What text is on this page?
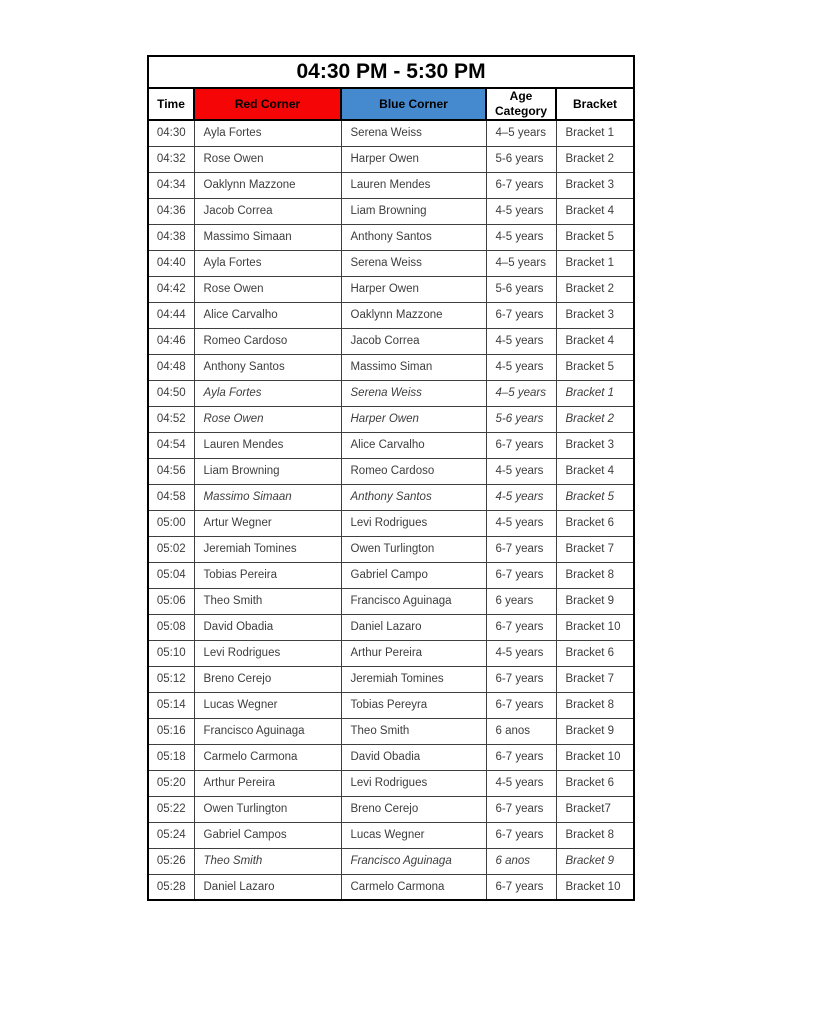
04:30 PM - 5:30 PM				
Time	Red Corner	Blue Corner	Age Category	Bracket
04:30	Ayla Fortes	Serena Weiss	4–5 years	Bracket 1
04:32	Rose Owen	Harper Owen	5-6 years	Bracket 2
04:34	Oaklynn Mazzone	Lauren Mendes	6-7 years	Bracket 3
04:36	Jacob Correa	Liam Browning	4-5 years	Bracket 4
04:38	Massimo Simaan	Anthony Santos	4-5 years	Bracket 5
04:40	Ayla Fortes	Serena Weiss	4–5 years	Bracket 1
04:42	Rose Owen	Harper Owen	5-6 years	Bracket 2
04:44	Alice Carvalho	Oaklynn Mazzone	6-7 years	Bracket 3
04:46	Romeo Cardoso	Jacob Correa	4-5 years	Bracket 4
04:48	Anthony Santos	Massimo Siman	4-5 years	Bracket 5
04:50	Ayla Fortes	Serena Weiss	4–5 years	Bracket 1
04:52	Rose Owen	Harper Owen	5-6 years	Bracket 2
04:54	Lauren Mendes	Alice Carvalho	6-7 years	Bracket 3
04:56	Liam Browning	Romeo Cardoso	4-5 years	Bracket 4
04:58	Massimo Simaan	Anthony Santos	4-5 years	Bracket 5
05:00	Artur Wegner	Levi Rodrigues	4-5 years	Bracket 6
05:02	Jeremiah Tomines	Owen Turlington	6-7 years	Bracket 7
05:04	Tobias Pereira	Gabriel Campo	6-7 years	Bracket 8
05:06	Theo Smith	Francisco Aguinaga	6 years	Bracket 9
05:08	David Obadia	Daniel Lazaro	6-7 years	Bracket 10
05:10	Levi Rodrigues	Arthur Pereira	4-5 years	Bracket 6
05:12	Breno Cerejo	Jeremiah Tomines	6-7 years	Bracket 7
05:14	Lucas Wegner	Tobias Pereyra	6-7 years	Bracket 8
05:16	Francisco Aguinaga	Theo Smith	6 anos	Bracket 9
05:18	Carmelo Carmona	David Obadia	6-7 years	Bracket 10
05:20	Arthur Pereira	Levi Rodrigues	4-5 years	Bracket 6
05:22	Owen Turlington	Breno Cerejo	6-7 years	Bracket7
05:24	Gabriel Campos	Lucas Wegner	6-7 years	Bracket 8
05:26	Theo Smith	Francisco Aguinaga	6 anos	Bracket 9
05:28	Daniel Lazaro	Carmelo Carmona	6-7 years	Bracket 10
